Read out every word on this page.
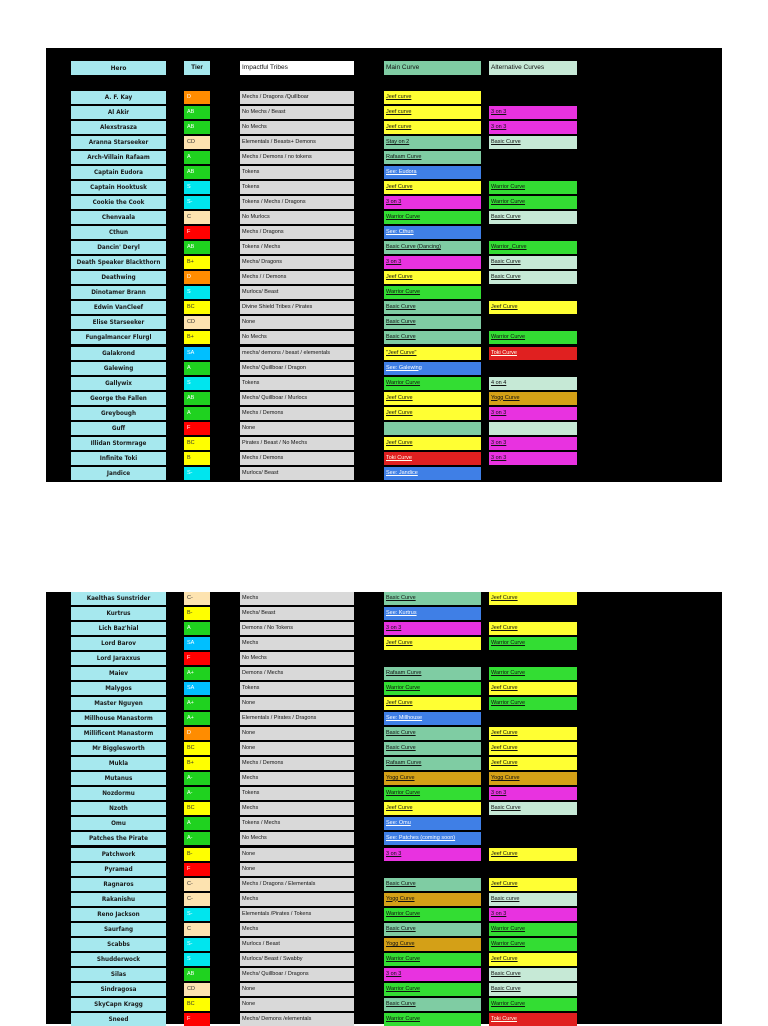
Hero	Tier	Impactful Tribes	Main Curve	Alternative Curves
A. F. Kay	D	Mechs / Dragons /Quillboar	Jeef curve
Al Akir	AB	No Mechs / Beast	Jeef curve	3 on 3
Alexstrasza	AB	No Mechs	Jeef curve	3 on 3
Aranna Starseeker	CD	Elementals / Beasts+ Demons	Stay on 2	Basic Curve
Arch-Villain Rafaam	A	Mechs / Demons / no tokens	Rafaam Curve
Captain Eudora	AB	Tokens	See: Eudora
Captain Hooktusk	S	Tokens	Jeef Curve	Warrior Curve
Cookie the Cook	S-	Tokens / Mechs / Dragons	3 on 3	Warrior Curve
Chenvaala	C	No Murlocs	Warrior Curve	Basic Curve
Cthun	F	Mechs / Dragons	See: Cthun
Dancin' Deryl	AB	Tokens / Mechs	Basic Curve (Dancing)	Warrior_Curve
Death Speaker Blackthorn	B+	Mechs/ Dragons	3 on 3	Basic Curve
Deathwing	D	Mechs / / Demons	Jeef Curve	Basic Curve
Dinotamer Brann	S	Murlocs/ Beast	Warrior Curve
Edwin VanCleef	BC	Divine Shield Tribes / Pirates	Basic Curve	Jeef Curve
Elise Starseeker	CD	None	Basic Curve
Fungalmancer Flurgl	B+	No Mechs	Basic Curve	Warrior Curve
Galakrond	SA	mechs/ demons / beast / elementals	"Jeef Curve"	Toki Curve
Galewing	A	Mechs/ Quillboar / Dragon	See: Galewing
Gallywix	S	Tokens	Warrior Curve	4 on 4
George the Fallen	AB	Mechs/ Quillboar / Murlocs	Jeef Curve	Yogg Curve
Greybough	A	Mechs / Demons	Jeef Curve	3 on 3
Guff	F	None
Illidan Stormrage	BC	Pirates / Beast / No Mechs	Jeef Curve	3 on 3
Infinite Toki	B	Mechs / Demons	Toki Curve	3 on 3
Jandice	S-	Murlocs/ Beast	See: Jandice
Kaelthas Sunstrider	C-	Mechs	Basic Curve	Jeef Curve
Kurtrus	B-	Mechs/ Beast	See: Kurtrus
Lich Baz'hial	A	Demons / No Tokens	3 on 3	Jeef Curve
Lord Barov	SA	Mechs	Jeef Curve	Warrior Curve
Lord Jaraxxus	F	No Mechs
Maiev	A+	Demons / Mechs	Rafaam Curve	Warrior Curve
Malygos	SA	Tokens	Warrior Curve	Jeef Curve
Master Nguyen	A+	None	Jeef Curve	Warrior Curve
Millhouse Manastorm	A+	Elementals / Pirates / Dragons	See: Millhouse
Millificent Manastorm	D	None	Basic Curve	Jeef Curve
Mr Bigglesworth	BC	None	Basic Curve	Jeef Curve
Mukla	B+	Mechs / Demons	Rafaam Curve	Jeef Curve
Mutanus	A-	Mechs	Yogg Curve	Yogg Curve
Nozdormu	A-	Tokens	Warrior Curve	3 on 3
Nzoth	BC	Mechs	Jeef Curve	Basic Curve
Omu	A	Tokens / Mechs	See: Omu
Patches the Pirate	A-	No Mechs	See: Patches (coming soon)
Patchwork	B-	None	3 on 3	Jeef Curve
Pyramad	F	None
Ragnaros	C-	Mechs / Dragons / Elementals	Basic Curve	Jeef Curve
Rakanishu	C-	Mechs	Yogg Curve	Basic curve
Reno Jackson	S-	Elementals /Pirates / Tokens	Warrior Curve	3 on 3
Saurfang	C	Mechs	Basic Curve	Warrior Curve
Scabbs	S-	Murlocs / Beast	Yogg Curve	Warrior Curve
Shudderwock	S	Murlocs/ Beast / Swabby	Warrior Curve	Jeef Curve
Silas	AB	Mechs/ Quillboar / Dragons	3 on 3	Basic Curve
Sindragosa	CD	None	Warrior Curve	Basic Curve
SkyCapn Kragg	BC	None	Basic Curve	Warrior Curve
Sneed	F	Mechs/ Demons /elementals	Warrior Curve	Toki Curve
